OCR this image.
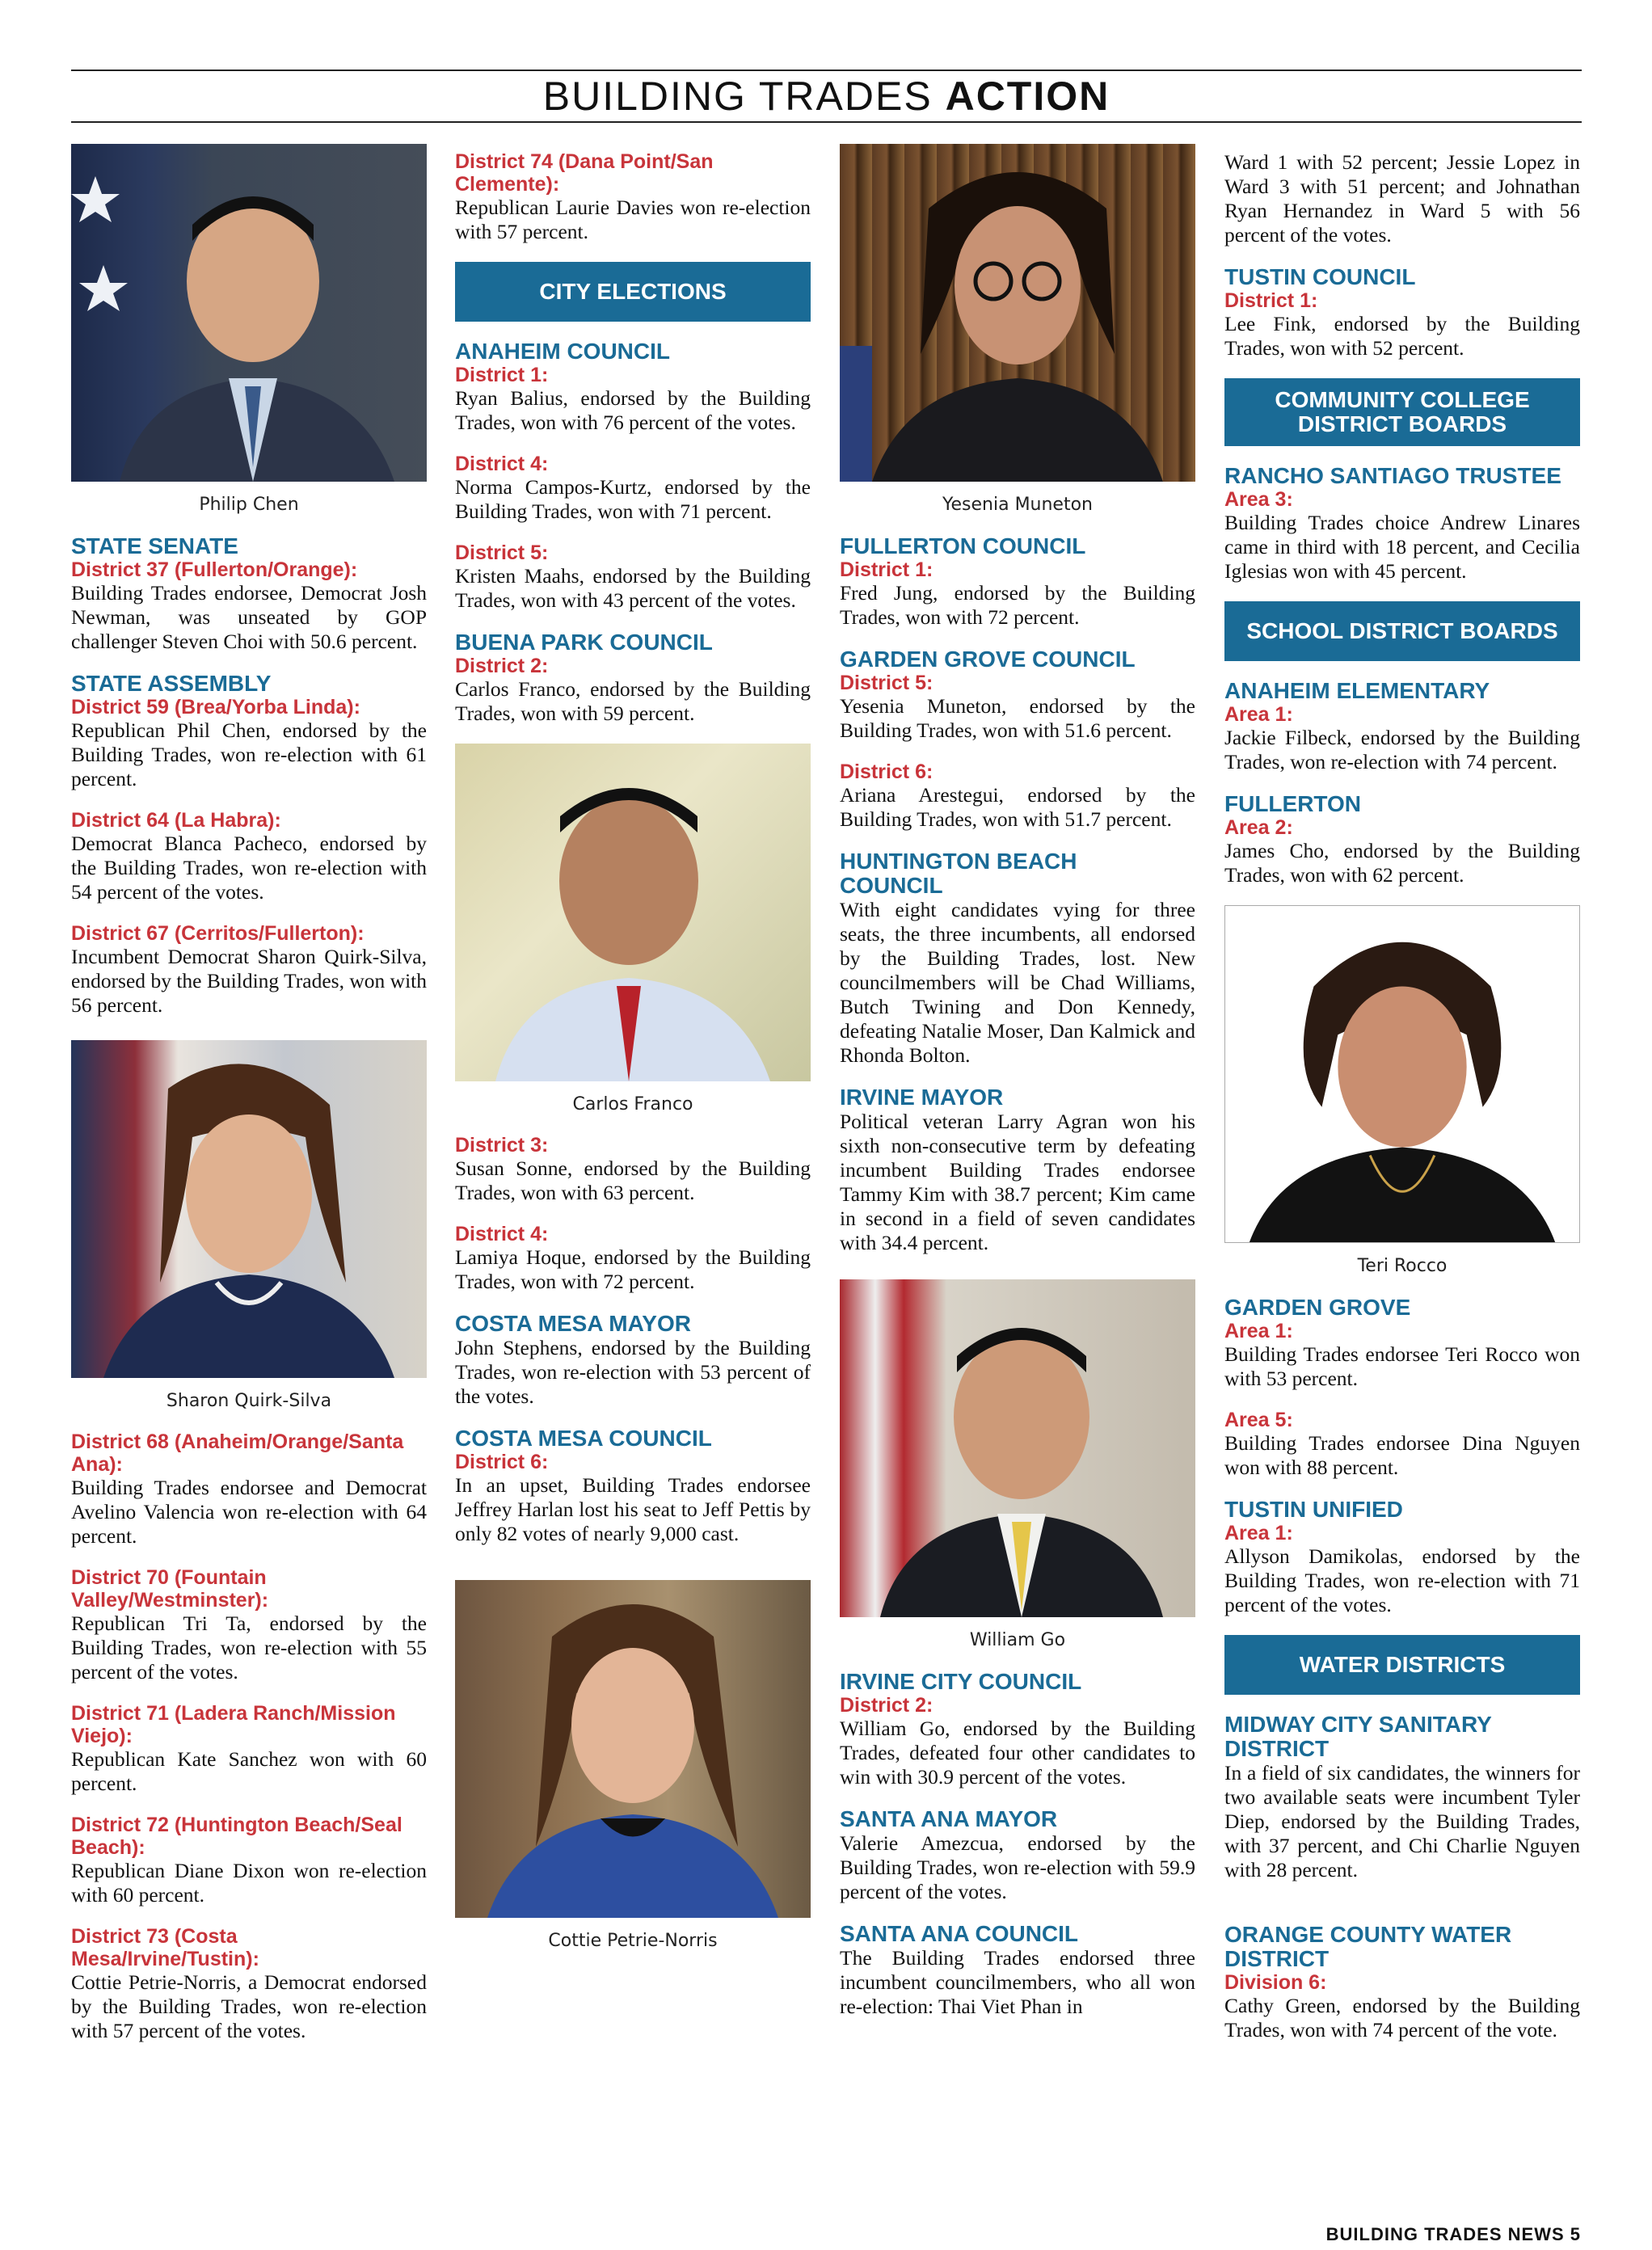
BUILDING TRADES ACTION
Philip Chen
STATE SENATE
District 37 (Fullerton/Orange):
Building Trades endorsee, Democrat Josh Newman, was unseated by GOP challenger Steven Choi with 50.6 percent.
STATE ASSEMBLY
District 59 (Brea/Yorba Linda):
Republican Phil Chen, endorsed by the Building Trades, won re-election with 61 percent.
District 64 (La Habra):
Democrat Blanca Pacheco, endorsed by the Building Trades, won re-election with 54 percent of the votes.
District 67 (Cerritos/Fullerton):
Incumbent Democrat Sharon Quirk-Silva, endorsed by the Building Trades, won with 56 percent.
Sharon Quirk-Silva
District 68 (Anaheim/Orange/Santa Ana):
Building Trades endorsee and Democrat Avelino Valencia won re-election with 64 percent.
District 70 (Fountain Valley/Westminster):
Republican Tri Ta, endorsed by the Building Trades, won re-election with 55 percent of the votes.
District 71 (Ladera Ranch/Mission Viejo):
Republican Kate Sanchez won with 60 percent.
District 72 (Huntington Beach/Seal Beach):
Republican Diane Dixon won re-election with 60 percent.
District 73 (Costa Mesa/Irvine/Tustin):
Cottie Petrie-Norris, a Democrat endorsed by the Building Trades, won re-election with 57 percent of the votes.
District 74 (Dana Point/San Clemente):
Republican Laurie Davies won re-election with 57 percent.
CITY ELECTIONS
ANAHEIM COUNCIL
District 1:
Ryan Balius, endorsed by the Building Trades, won with 76 percent of the votes.
District 4:
Norma Campos-Kurtz, endorsed by the Building Trades, won with 71 percent.
District 5:
Kristen Maahs, endorsed by the Building Trades, won with 43 percent of the votes.
BUENA PARK COUNCIL
District 2:
Carlos Franco, endorsed by the Building Trades, won with 59 percent.
Carlos Franco
District 3:
Susan Sonne, endorsed by the Building Trades, won with 63 percent.
District 4:
Lamiya Hoque, endorsed by the Building Trades, won with 72 percent.
COSTA MESA MAYOR
John Stephens, endorsed by the Building Trades, won re-election with 53 percent of the votes.
COSTA MESA COUNCIL
District 6:
In an upset, Building Trades endorsee Jeffrey Harlan lost his seat to Jeff Pettis by only 82 votes of nearly 9,000 cast.
Cottie Petrie-Norris
Yesenia Muneton
FULLERTON COUNCIL
District 1:
Fred Jung, endorsed by the Building Trades, won with 72 percent.
GARDEN GROVE COUNCIL
District 5:
Yesenia Muneton, endorsed by the Building Trades, won with 51.6 percent.
District 6:
Ariana Arestegui, endorsed by the Building Trades, won with 51.7 percent.
HUNTINGTON BEACH COUNCIL
With eight candidates vying for three seats, the three incumbents, all endorsed by the Building Trades, lost. New councilmembers will be Chad Williams, Butch Twining and Don Kennedy, defeating Natalie Moser, Dan Kalmick and Rhonda Bolton.
IRVINE MAYOR
Political veteran Larry Agran won his sixth non-consecutive term by defeating incumbent Building Trades endorsee Tammy Kim with 38.7 percent; Kim came in second in a field of seven candidates with 34.4 percent.
William Go
IRVINE CITY COUNCIL
District 2:
William Go, endorsed by the Building Trades, defeated four other candidates to win with 30.9 percent of the votes.
SANTA ANA MAYOR
Valerie Amezcua, endorsed by the Building Trades, won re-election with 59.9 percent of the votes.
SANTA ANA COUNCIL
The Building Trades endorsed three incumbent councilmembers, who all won re-election: Thai Viet Phan in
Ward 1 with 52 percent; Jessie Lopez in Ward 3 with 51 percent; and Johnathan Ryan Hernandez in Ward 5 with 56 percent of the votes.
TUSTIN COUNCIL
District 1:
Lee Fink, endorsed by the Building Trades, won with 52 percent.
COMMUNITY COLLEGE DISTRICT BOARDS
RANCHO SANTIAGO TRUSTEE
Area 3:
Building Trades choice Andrew Linares came in third with 18 percent, and Cecilia Iglesias won with 45 percent.
SCHOOL DISTRICT BOARDS
ANAHEIM ELEMENTARY
Area 1:
Jackie Filbeck, endorsed by the Building Trades, won re-election with 74 percent.
FULLERTON
Area 2:
James Cho, endorsed by the Building Trades, won with 62 percent.
Teri Rocco
GARDEN GROVE
Area 1:
Building Trades endorsee Teri Rocco won with 53 percent.
Area 5:
Building Trades endorsee Dina Nguyen won with 88 percent.
TUSTIN UNIFIED
Area 1:
Allyson Damikolas, endorsed by the Building Trades, won re-election with 71 percent of the votes.
WATER DISTRICTS
MIDWAY CITY SANITARY DISTRICT
In a field of six candidates, the winners for two available seats were incumbent Tyler Diep, endorsed by the Building Trades, with 37 percent, and Chi Charlie Nguyen with 28 percent.
ORANGE COUNTY WATER DISTRICT
Division 6:
Cathy Green, endorsed by the Building Trades, won with 74 percent of the vote.
BUILDING TRADES NEWS 5
